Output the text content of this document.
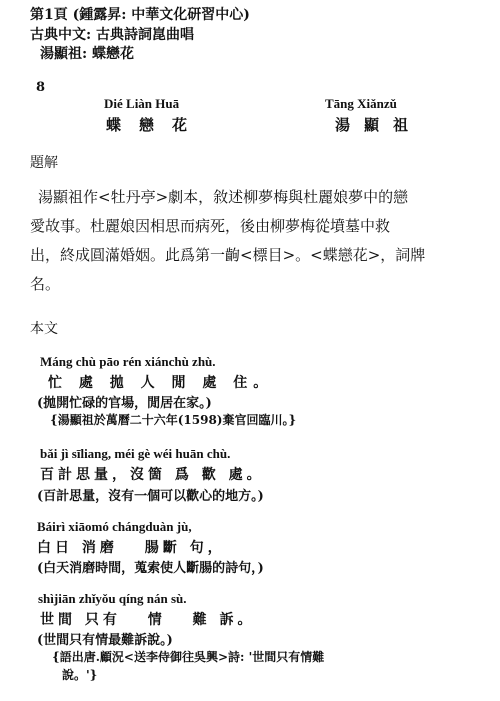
第1頁 (鍾露昇: 中華文化研習中心)
古典中文: 古典詩詞崑曲唱
湯顯祖: 蝶戀花
8
Dié Liàn Huā
蝶戀花
Tāng Xiǎnzǔ
湯顯祖
題解
湯顯祖作<牡丹亭>劇本，敘述柳夢梅與杜麗娘夢中的戀
愛故事。杜麗娘因相思而病死，後由柳夢梅從墳墓中救
出，終成圓滿婚姻。此爲第一齣<標目>。<蝶戀花>，詞牌
名。
本文
Máng chù pāo rén xiánchù zhù.
忙 處 拋 人 閒 處 住。
(拋開忙碌的官場，閒居在家。)
{湯顯祖於萬曆二十六年(1598)棄官回臨川。}
bǎi jì sīliang, méi gè wéi huān chù.
百計思量，沒箇 爲 歡 處。
(百計思量，沒有一個可以歡心的地方。)
Báirì xiāomó chángduàn jù,
白日 消磨 　腸斷 句，
(白天消磨時間，蒐索使人斷腸的詩句，)
shìjiān zhǐyǒu qíng nán sù.
世間 只有 　情 　難 訴。
(世間只有情最難訴說。)
{語出唐.顧況<送李侍御往吳興>詩: '世間只有情難
說。'}
